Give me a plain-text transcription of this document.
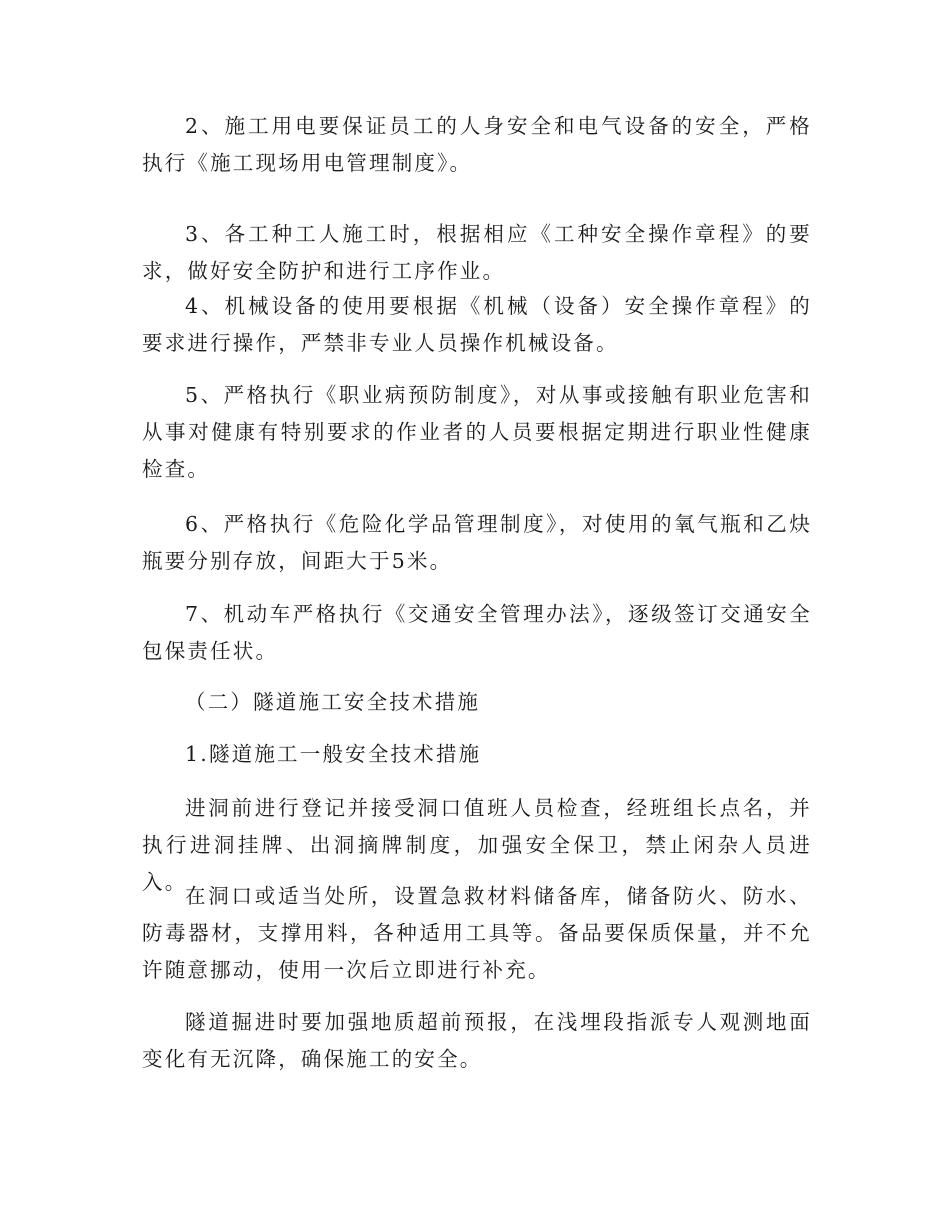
2、施工用电要保证员工的人身安全和电气设备的安全，严格执行《施工现场用电管理制度》。

3、各工种工人施工时，根据相应《工种安全操作章程》的要求，做好安全防护和进行工序作业。

4、机械设备的使用要根据《机械（设备）安全操作章程》的要求进行操作，严禁非专业人员操作机械设备。

5、严格执行《职业病预防制度》，对从事或接触有职业危害和从事对健康有特别要求的作业者的人员要根据定期进行职业性健康检查。

6、严格执行《危险化学品管理制度》，对使用的氧气瓶和乙炔瓶要分别存放，间距大于5米。

7、机动车严格执行《交通安全管理办法》，逐级签订交通安全包保责任状。

（二）隧道施工安全技术措施

1.隧道施工一般安全技术措施

进洞前进行登记并接受洞口值班人员检查，经班组长点名，并执行进洞挂牌、出洞摘牌制度，加强安全保卫，禁止闲杂人员进入。

在洞口或适当处所，设置急救材料储备库，储备防火、防水、防毒器材，支撑用料，各种适用工具等。备品要保质保量，并不允许随意挪动，使用一次后立即进行补充。

隧道掘进时要加强地质超前预报，在浅埋段指派专人观测地面变化有无沉降，确保施工的安全。
